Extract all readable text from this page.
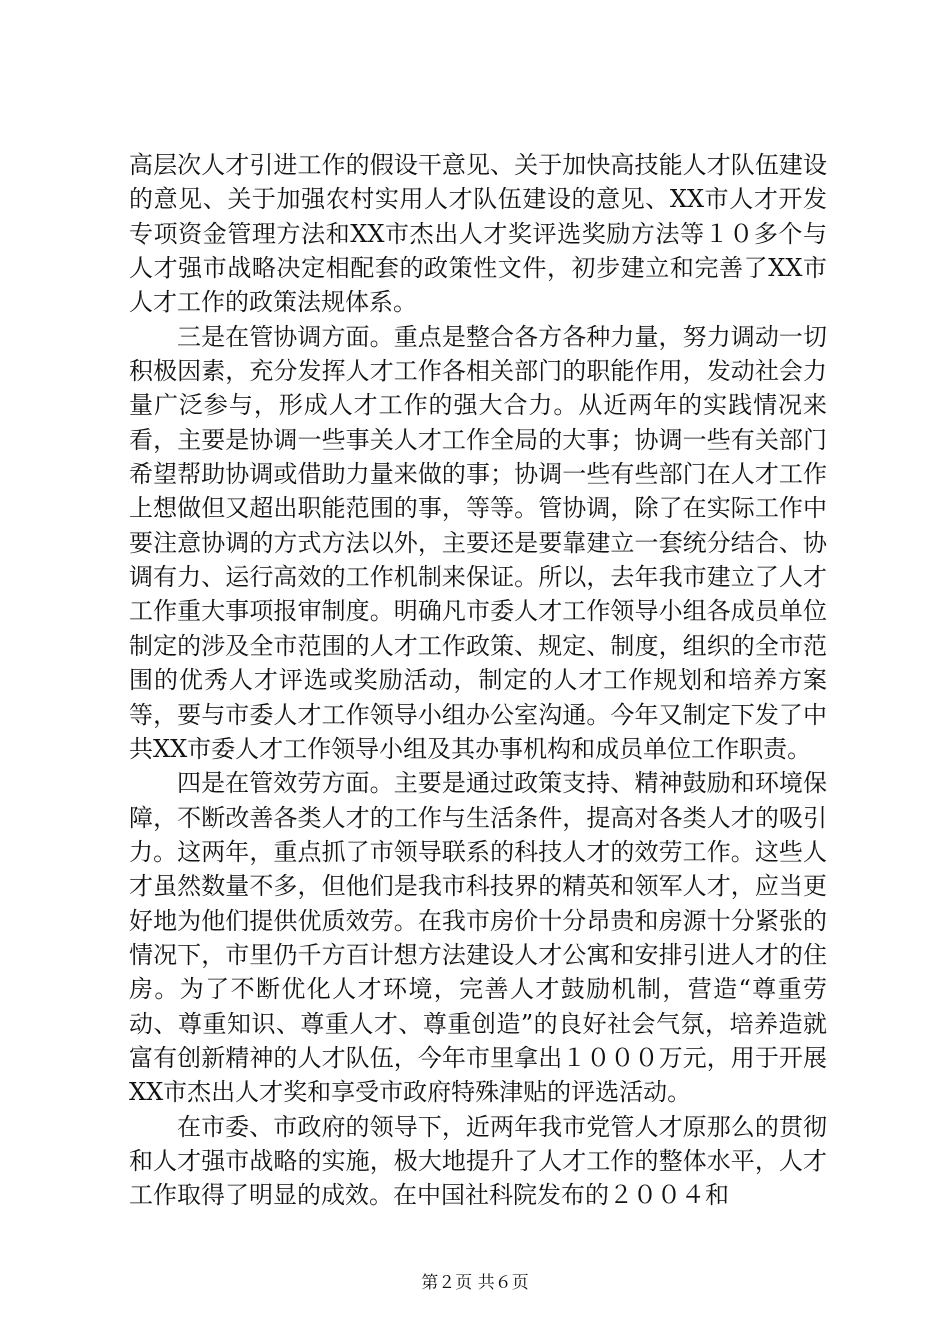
高层次人才引进工作的假设干意见、关于加快高技能人才队伍建设的意见、关于加强农村实用人才队伍建设的意见、XX市人才开发专项资金管理方法和XX市杰出人才奖评选奖励方法等１０多个与人才强市战略决定相配套的政策性文件，初步建立和完善了XX市人才工作的政策法规体系。

三是在管协调方面。重点是整合各方各种力量，努力调动一切积极因素，充分发挥人才工作各相关部门的职能作用，发动社会力量广泛参与，形成人才工作的强大合力。从近两年的实践情况来看，主要是协调一些事关人才工作全局的大事；协调一些有关部门希望帮助协调或借助力量来做的事；协调一些有些部门在人才工作上想做但又超出职能范围的事，等等。管协调，除了在实际工作中要注意协调的方式方法以外，主要还是要靠建立一套统分结合、协调有力、运行高效的工作机制来保证。所以，去年我市建立了人才工作重大事项报审制度。明确凡市委人才工作领导小组各成员单位制定的涉及全市范围的人才工作政策、规定、制度，组织的全市范围的优秀人才评选或奖励活动，制定的人才工作规划和培养方案等，要与市委人才工作领导小组办公室沟通。今年又制定下发了中共XX市委人才工作领导小组及其办事机构和成员单位工作职责。

四是在管效劳方面。主要是通过政策支持、精神鼓励和环境保障，不断改善各类人才的工作与生活条件，提高对各类人才的吸引力。这两年，重点抓了市领导联系的科技人才的效劳工作。这些人才虽然数量不多，但他们是我市科技界的精英和领军人才，应当更好地为他们提供优质效劳。在我市房价十分昂贵和房源十分紧张的情况下，市里仍千方百计想方法建设人才公寓和安排引进人才的住房。为了不断优化人才环境，完善人才鼓励机制，营造“尊重劳动、尊重知识、尊重人才、尊重创造”的良好社会气氛，培养造就富有创新精神的人才队伍，今年市里拿出１０００万元，用于开展XX市杰出人才奖和享受市政府特殊津贴的评选活动。

在市委、市政府的领导下，近两年我市党管人才原那么的贯彻和人才强市战略的实施，极大地提升了人才工作的整体水平，人才工作取得了明显的成效。在中国社科院发布的２００４和

第２页 共６页
